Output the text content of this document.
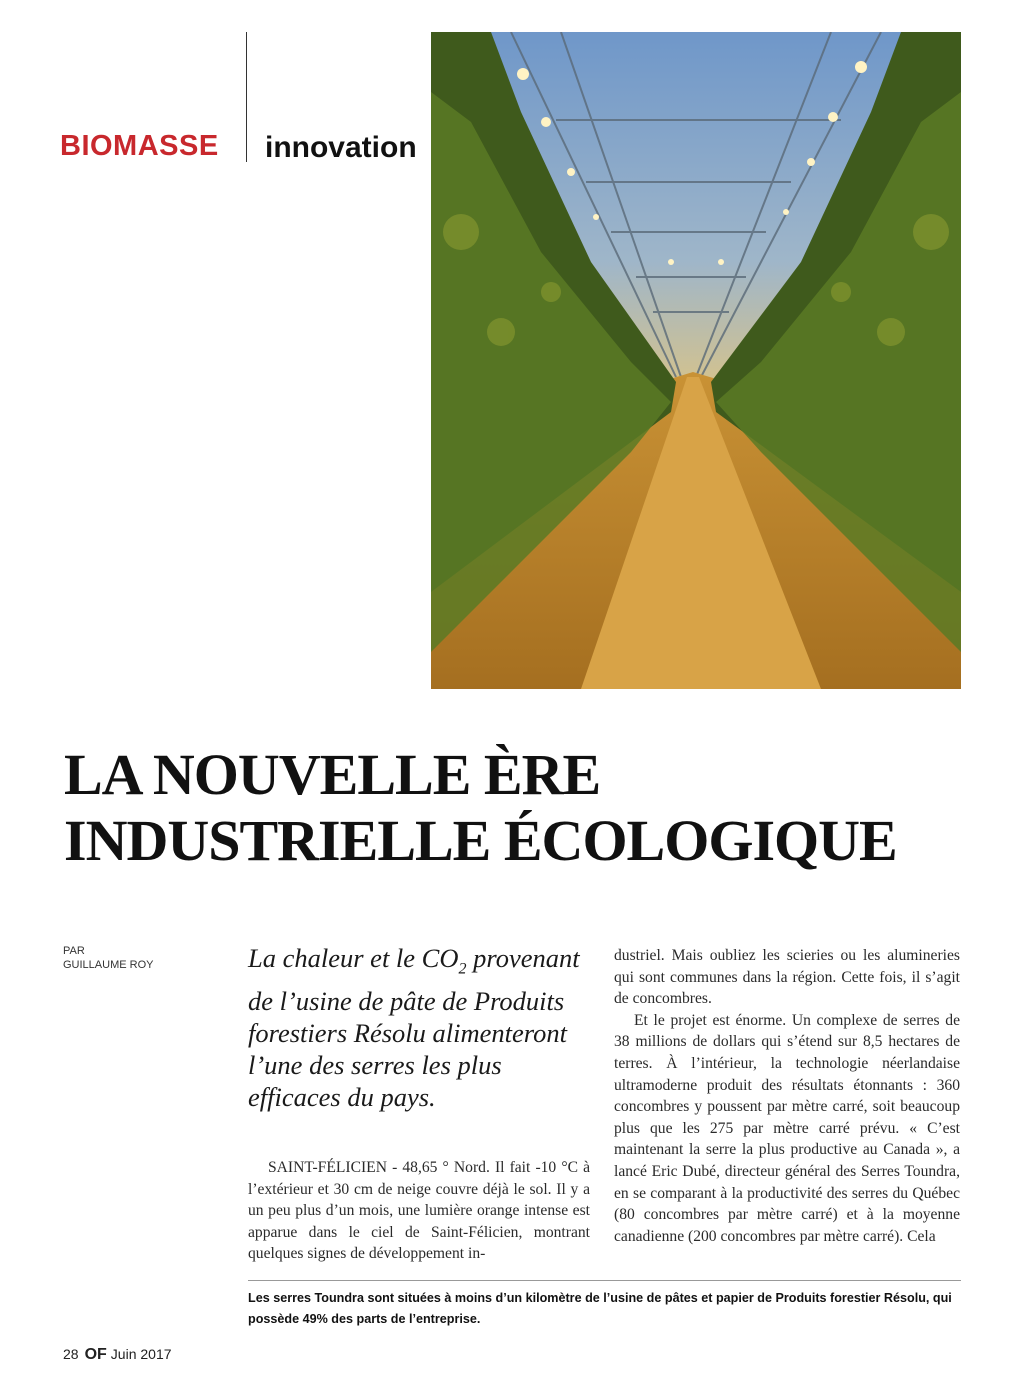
BIOMASSE innovation
LA NOUVELLE ÈRE
INDUSTRIELLE ÉCOLOGIQUE
PAR
GUILLAUME ROY	La chaleur et le $CO_2$ provenant de l’usine de pâte de Produits forestiers Résolu alimenteront l’une des serres les plus efficaces du pays.

SAINT-FÉLICIEN - 48,65 ° Nord. Il fait -10 °C à l’extérieur et 30 cm de neige couvre déjà le sol. Il y a un peu plus d’un mois, une lumière orange intense est apparue dans le ciel de Saint-Félicien, montrant quelques signes de développement in-

dustriel. Mais oubliez les scieries ou les alumineries qui sont communes dans la région. Cette fois, il s’agit de concombres.

Et le projet est énorme. Un complexe de serres de 38 millions de dollars qui s’étend sur 8,5 hectares de terres. À l’intérieur, la technologie néerlandaise ultramoderne produit des résultats étonnants : 360 concombres y poussent par mètre carré, soit beaucoup plus que les 275 par mètre carré prévu. « C’est maintenant la serre la plus productive au Canada », a lancé Eric Dubé, directeur général des Serres Toundra, en se comparant à la productivité des serres du Québec (80 concombres par mètre carré) et à la moyenne canadienne (200 concombres par mètre carré). Cela

Les serres Toundra sont situées à moins d’un kilomètre de l’usine de pâtes et papier de Produits forestier Résolu, qui possède 49% des parts de l’entreprise.

28 OF Juin 2017
